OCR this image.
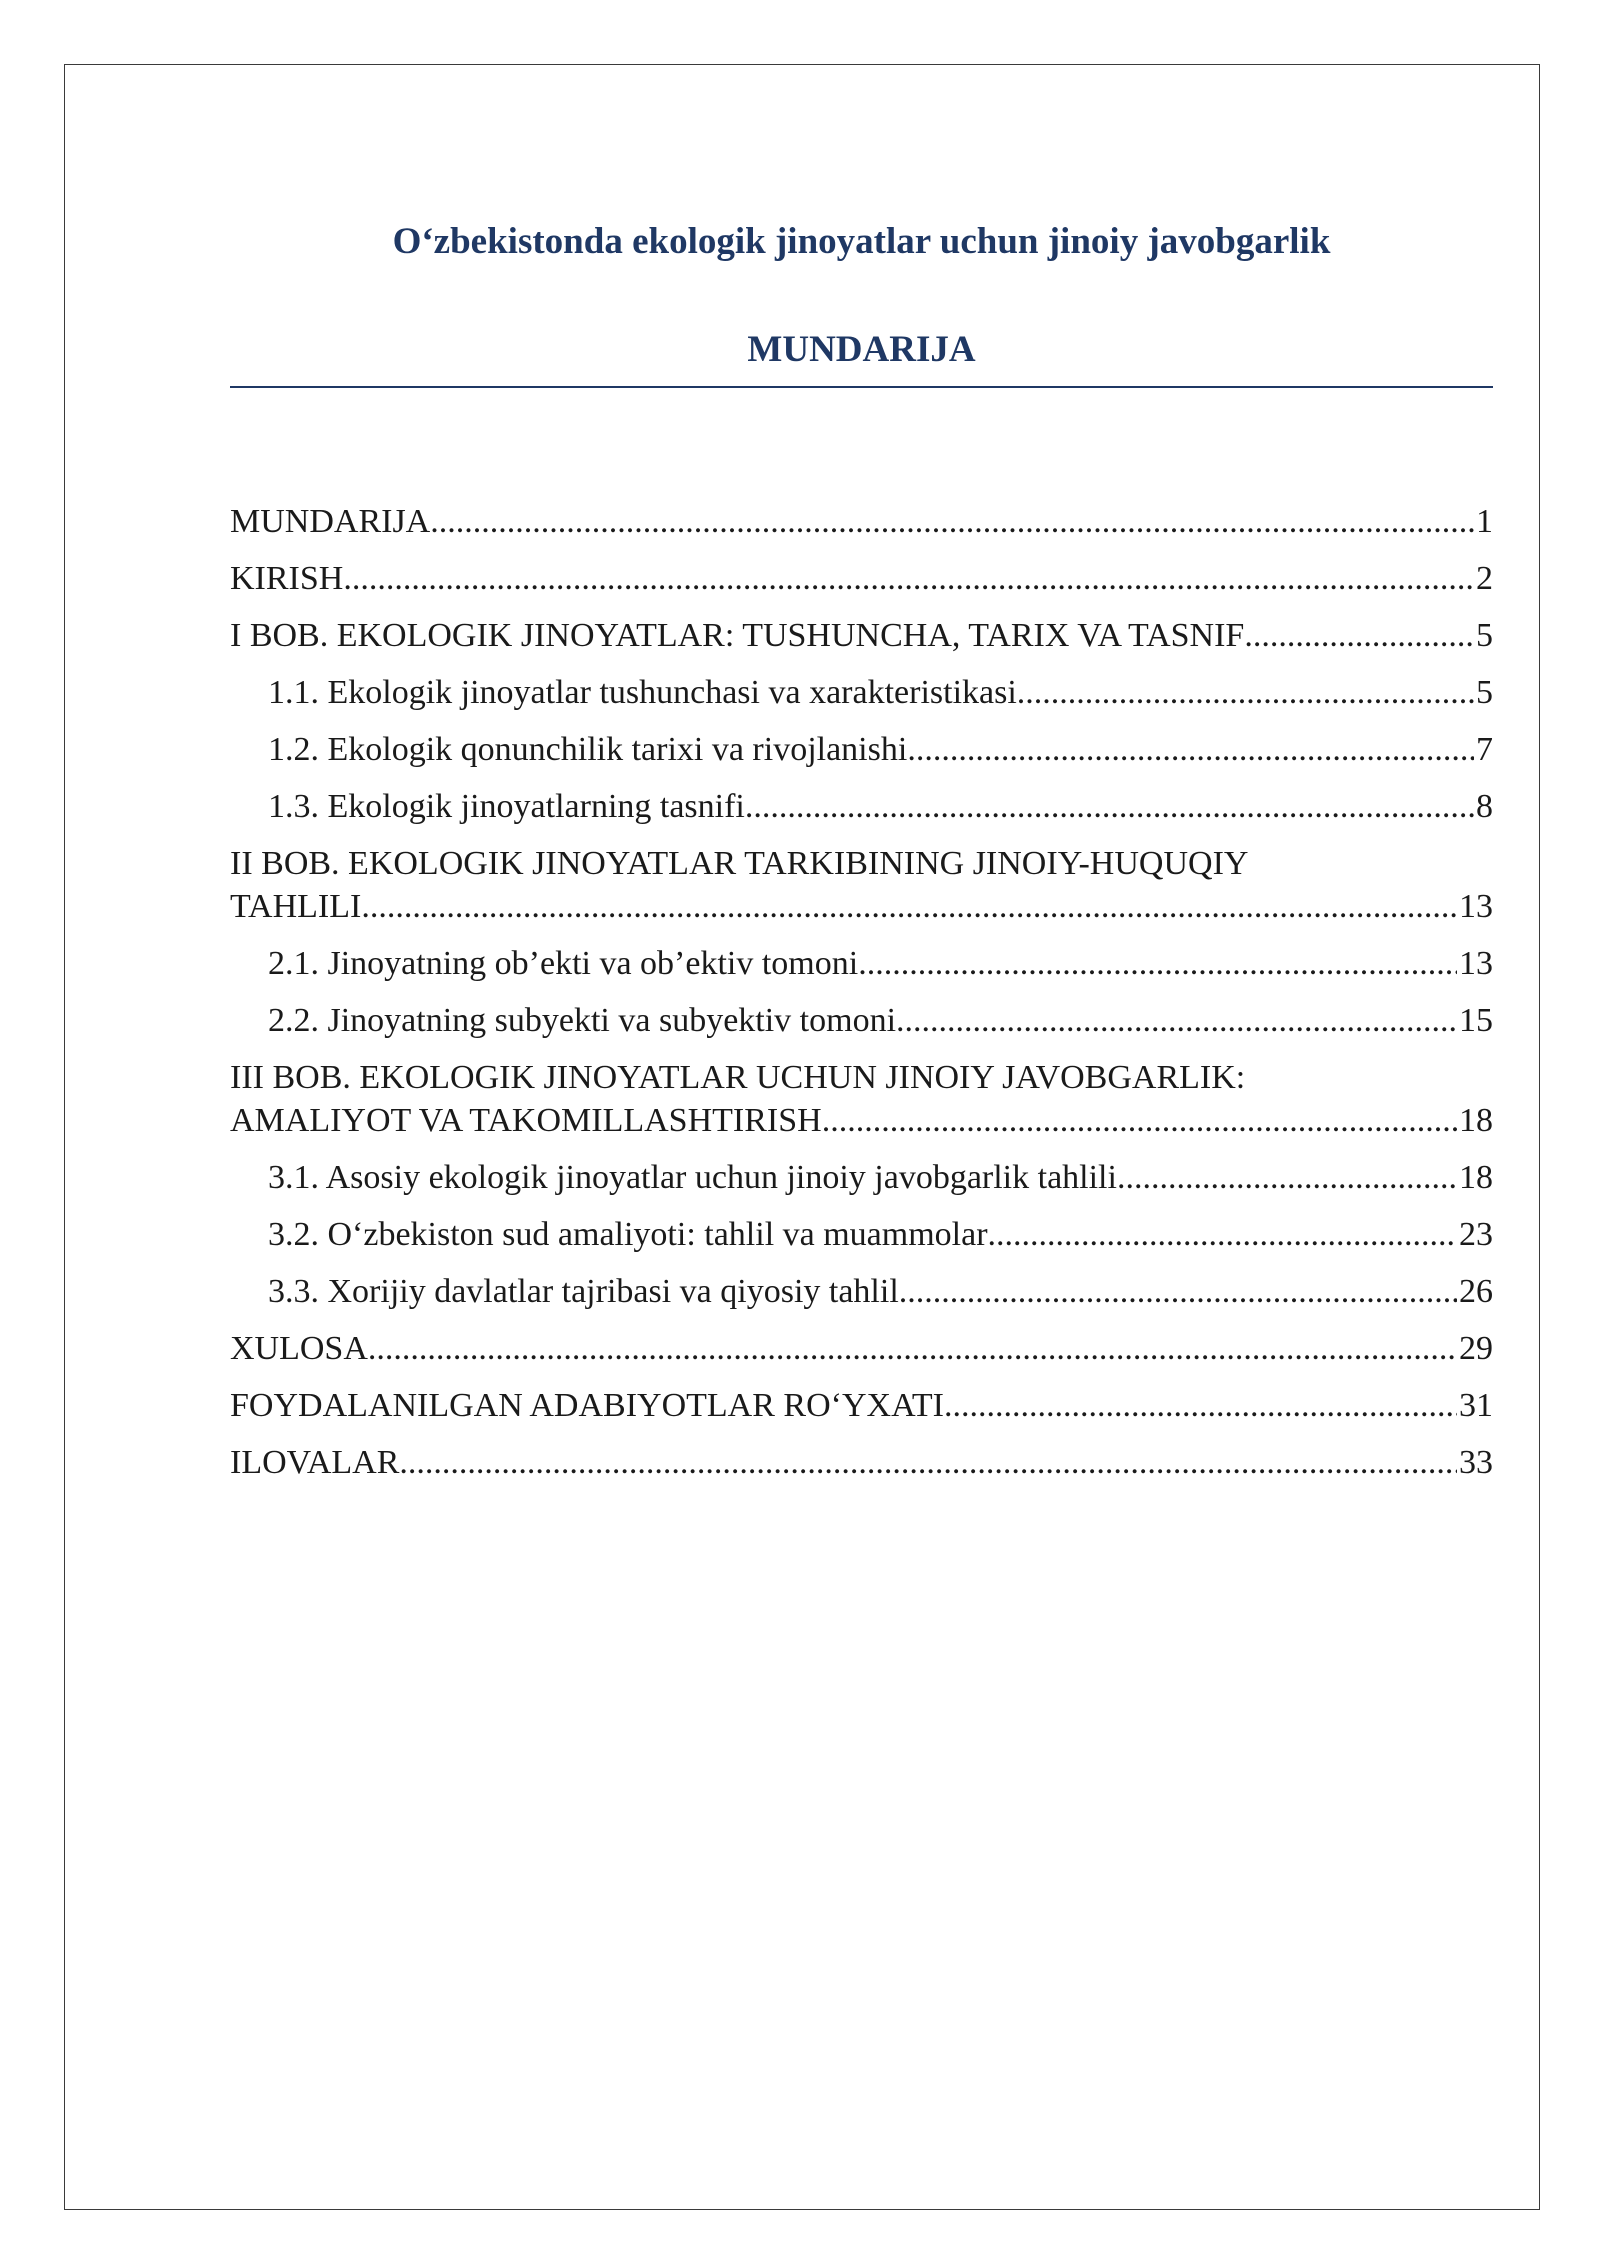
O‘zbekistonda ekologik jinoyatlar uchun jinoiy javobgarlik
MUNDARIJA
MUNDARIJA .....	1
KIRISH .....	2
I BOB. EKOLOGIK JINOYATLAR: TUSHUNCHA, TARIX VA TASNIF .....	5
1.1. Ekologik jinoyatlar tushunchasi va xarakteristikasi .....	5
1.2. Ekologik qonunchilik tarixi va rivojlanishi .....	7
1.3. Ekologik jinoyatlarning tasnifi .....	8
II BOB. EKOLOGIK JINOYATLAR TARKIBINING JINOIY-HUQUQIY
TAHLILI .....	13
2.1. Jinoyatning ob’ekti va ob’ektiv tomoni .....	13
2.2. Jinoyatning subyekti va subyektiv tomoni .....	15
III BOB. EKOLOGIK JINOYATLAR UCHUN JINOIY JAVOBGARLIK:
AMALIYOT VA TAKOMILLASHTIRISH .....	18
3.1. Asosiy ekologik jinoyatlar uchun jinoiy javobgarlik tahlili .....	18
3.2. O‘zbekiston sud amaliyoti: tahlil va muammolar .....	23
3.3. Xorijiy davlatlar tajribasi va qiyosiy tahlil .....	26
XULOSA .....	29
FOYDALANILGAN ADABIYOTLAR RO‘YXATI .....	31
ILOVALAR .....	33
